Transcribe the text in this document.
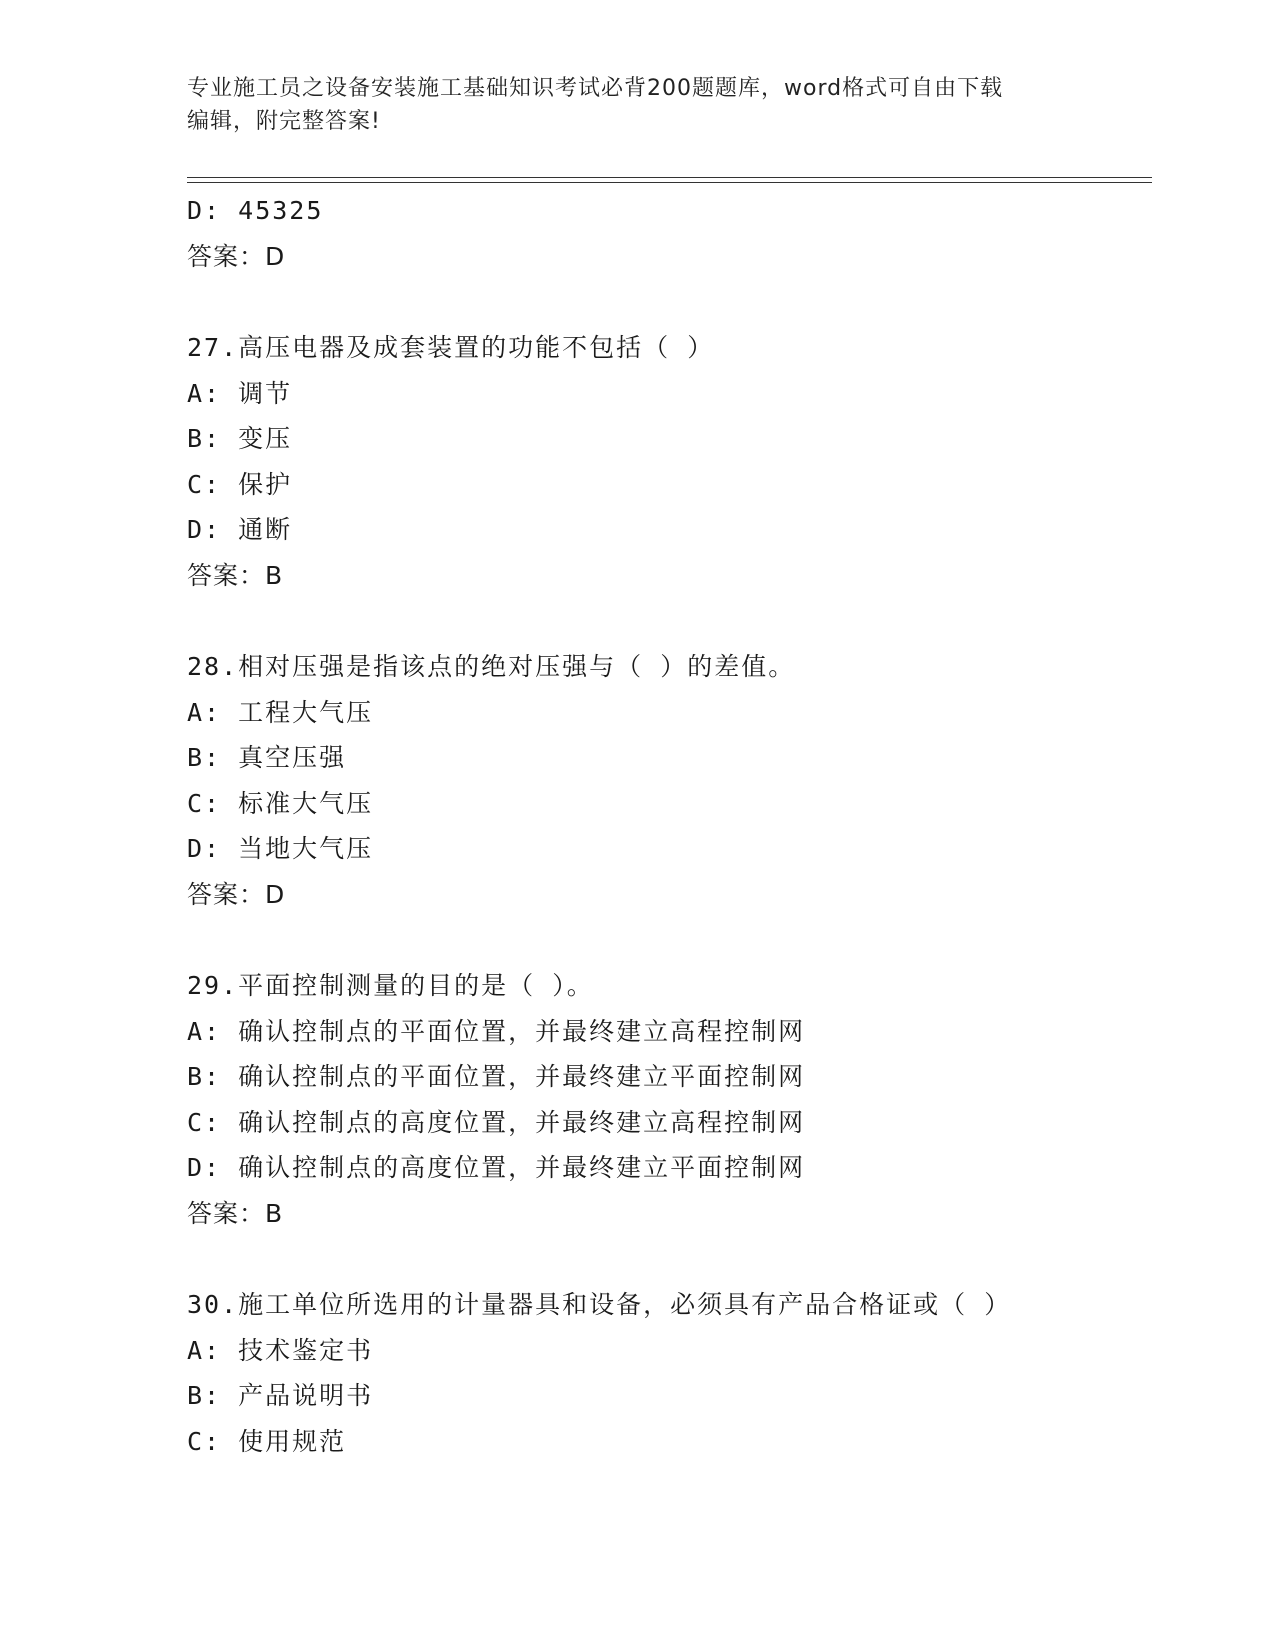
专业施工员之设备安装施工基础知识考试必背200题题库，word格式可自由下载
编辑，附完整答案!
D: 45325
答案：D
27.高压电器及成套装置的功能不包括（ ）
A: 调节
B: 变压
C: 保护
D: 通断
答案：B
28.相对压强是指该点的绝对压强与（ ）的差值。
A: 工程大气压
B: 真空压强
C: 标准大气压
D: 当地大气压
答案：D
29.平面控制测量的目的是（ ）。
A: 确认控制点的平面位置，并最终建立高程控制网
B: 确认控制点的平面位置，并最终建立平面控制网
C: 确认控制点的高度位置，并最终建立高程控制网
D: 确认控制点的高度位置，并最终建立平面控制网
答案：B
30.施工单位所选用的计量器具和设备，必须具有产品合格证或（ ）
A: 技术鉴定书
B: 产品说明书
C: 使用规范
